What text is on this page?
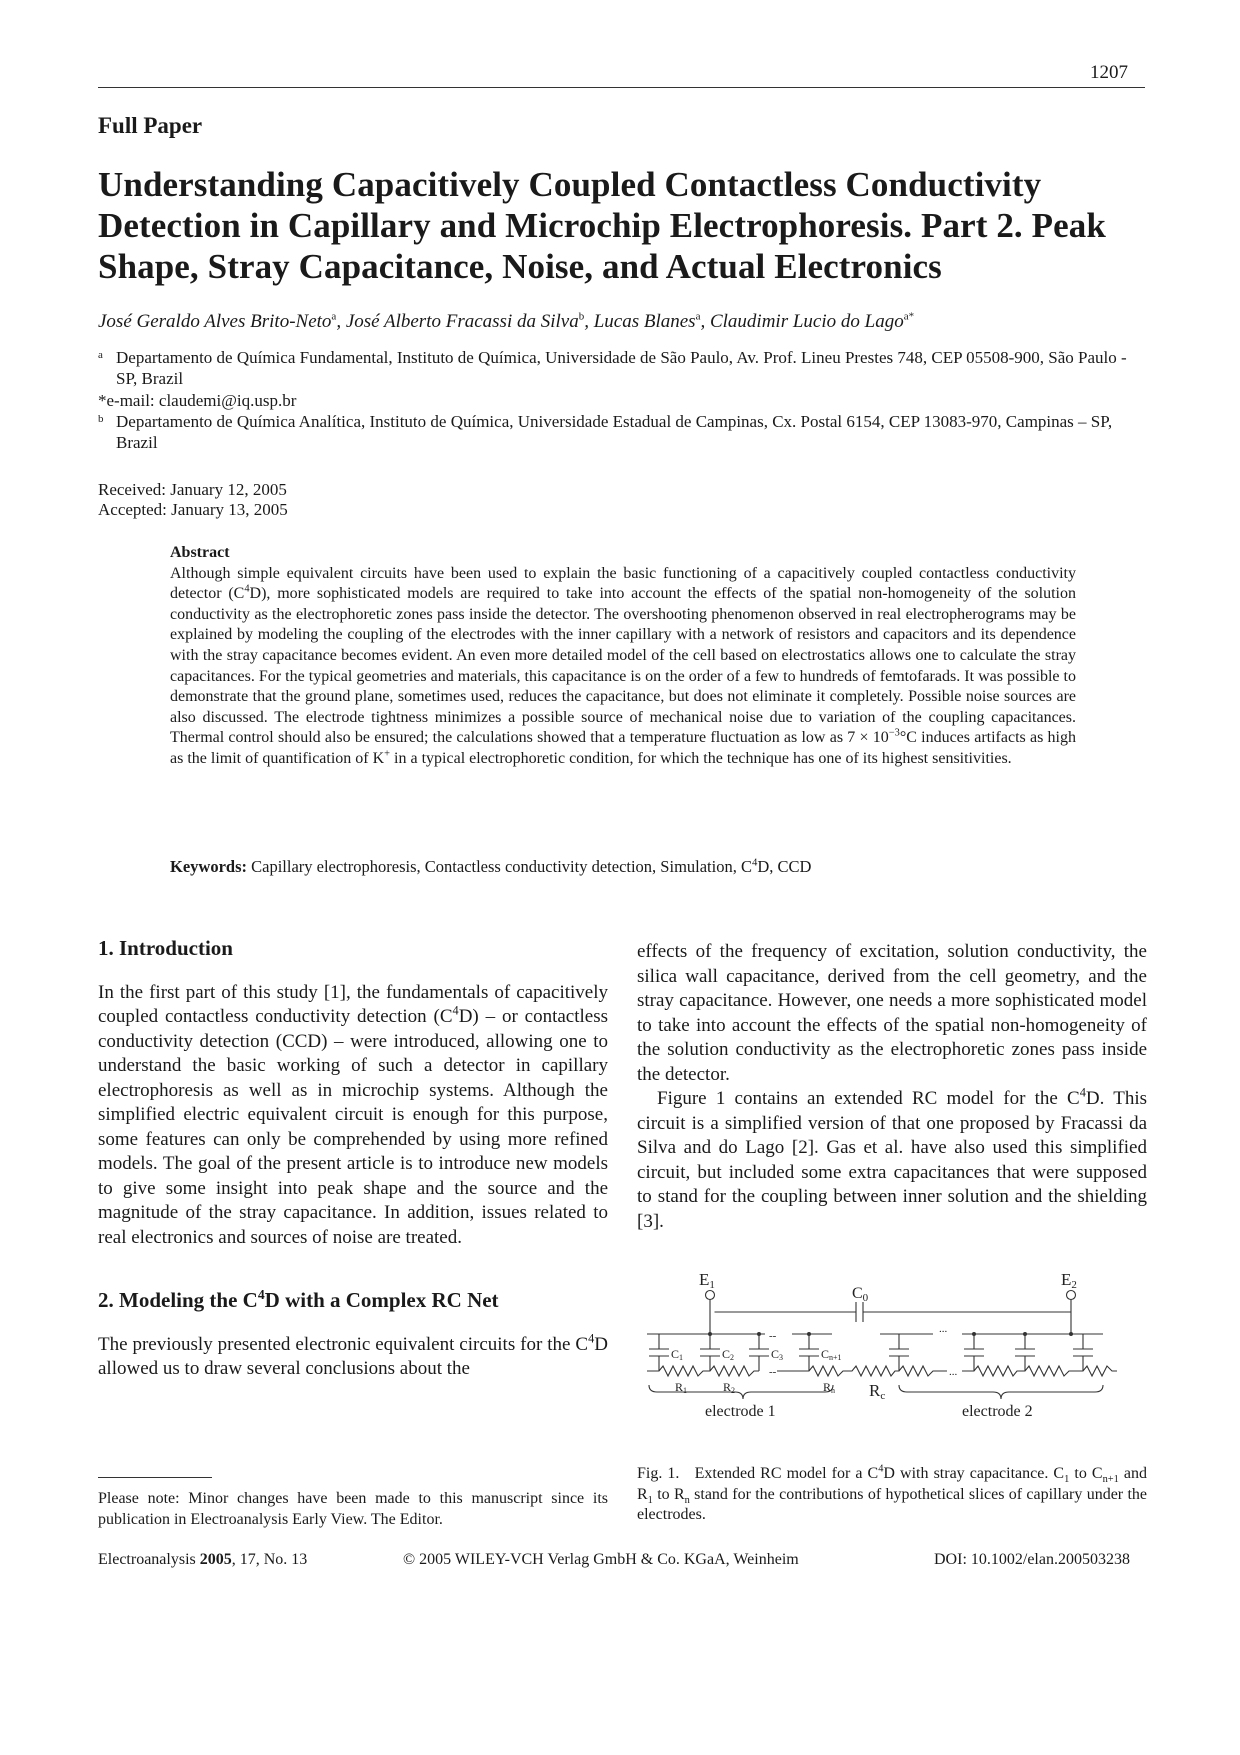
1207
Full Paper
Understanding Capacitively Coupled Contactless Conductivity Detection in Capillary and Microchip Electrophoresis. Part 2. Peak Shape, Stray Capacitance, Noise, and Actual Electronics
José Geraldo Alves Brito-Neto$^a$, José Alberto Fracassi da Silva$^b$, Lucas Blanes$^a$, Claudimir Lucio do Lago$^{a*}$
a Departamento de Química Fundamental, Instituto de Química, Universidade de São Paulo, Av. Prof. Lineu Prestes 748, CEP 05508-900, São Paulo - SP, Brazil
*e-mail: claudemi@iq.usp.br
b Departamento de Química Analítica, Instituto de Química, Universidade Estadual de Campinas, Cx. Postal 6154, CEP 13083-970, Campinas – SP, Brazil
Received: January 12, 2005
Accepted: January 13, 2005
Abstract
Although simple equivalent circuits have been used to explain the basic functioning of a capacitively coupled contactless conductivity detector $(C^4D)$, more sophisticated models are required to take into account the effects of the spatial non-homogeneity of the solution conductivity as the electrophoretic zones pass inside the detector. The overshooting phenomenon observed in real electropherograms may be explained by modeling the coupling of the electrodes with the inner capillary with a network of resistors and capacitors and its dependence with the stray capacitance becomes evident. An even more detailed model of the cell based on electrostatics allows one to calculate the stray capacitances. For the typical geometries and materials, this capacitance is on the order of a few to hundreds of femtofarads. It was possible to demonstrate that the ground plane, sometimes used, reduces the capacitance, but does not eliminate it completely. Possible noise sources are also discussed. The electrode tightness minimizes a possible source of mechanical noise due to variation of the coupling capacitances. Thermal control should also be ensured; the calculations showed that a temperature fluctuation as low as $7 \times 10^{-3}^\circ C$ induces artifacts as high as the limit of quantification of K+ in a typical electrophoretic condition, for which the technique has one of its highest sensitivities.
Keywords: Capillary electrophoresis, Contactless conductivity detection, Simulation, $C^4D$, CCD
1. Introduction

In the first part of this study [1], the fundamentals of capacitively coupled contactless conductivity detection $(C^4D)$ – or contactless conductivity detection (CCD) – were introduced, allowing one to understand the basic working of such a detector in capillary electrophoresis as well as in microchip systems. Although the simplified electric equivalent circuit is enough for this purpose, some features can only be comprehended by using more refined models. The goal of the present article is to introduce new models to give some insight into peak shape and the source and the magnitude of the stray capacitance. In addition, issues related to real electronics and sources of noise are treated.

2. Modeling the $C^4D$ with a Complex RC Net

The previously presented electronic equivalent circuits for the $C^4D$ allowed us to draw several conclusions about the

effects of the frequency of excitation, solution conductivity, the silica wall capacitance, derived from the cell geometry, and the stray capacitance. However, one needs a more sophisticated model to take into account the effects of the spatial non-homogeneity of the solution conductivity as the electrophoretic zones pass inside the detector.

Figure 1 contains an extended RC model for the $C^4D$. This circuit is a simplified version of that one proposed by Fracassi da Silva and do Lago [2]. Gas et al. have also used this simplified circuit, but included some extra capacitances that were supposed to stand for the coupling between inner solution and the shielding [3].

E1	E2
C0
C1	C2	C3	Cn+1
R1	R2	Rn Rc
--
--
...
...
electrode 1	electrode 2
Fig. 1. Extended RC model for a $C^4D$ with stray capacitance. $C_1$ to $C_{n+1}$ and $R_1$ to $R_n$ stand for the contributions of hypothetical slices of capillary under the electrodes.
Please note: Minor changes have been made to this manuscript since its publication in Electroanalysis Early View. The Editor.
Electroanalysis 2005, 17, No. 13	© 2005 WILEY-VCH Verlag GmbH & Co. KGaA, Weinheim	DOI: 10.1002/elan.200503238
